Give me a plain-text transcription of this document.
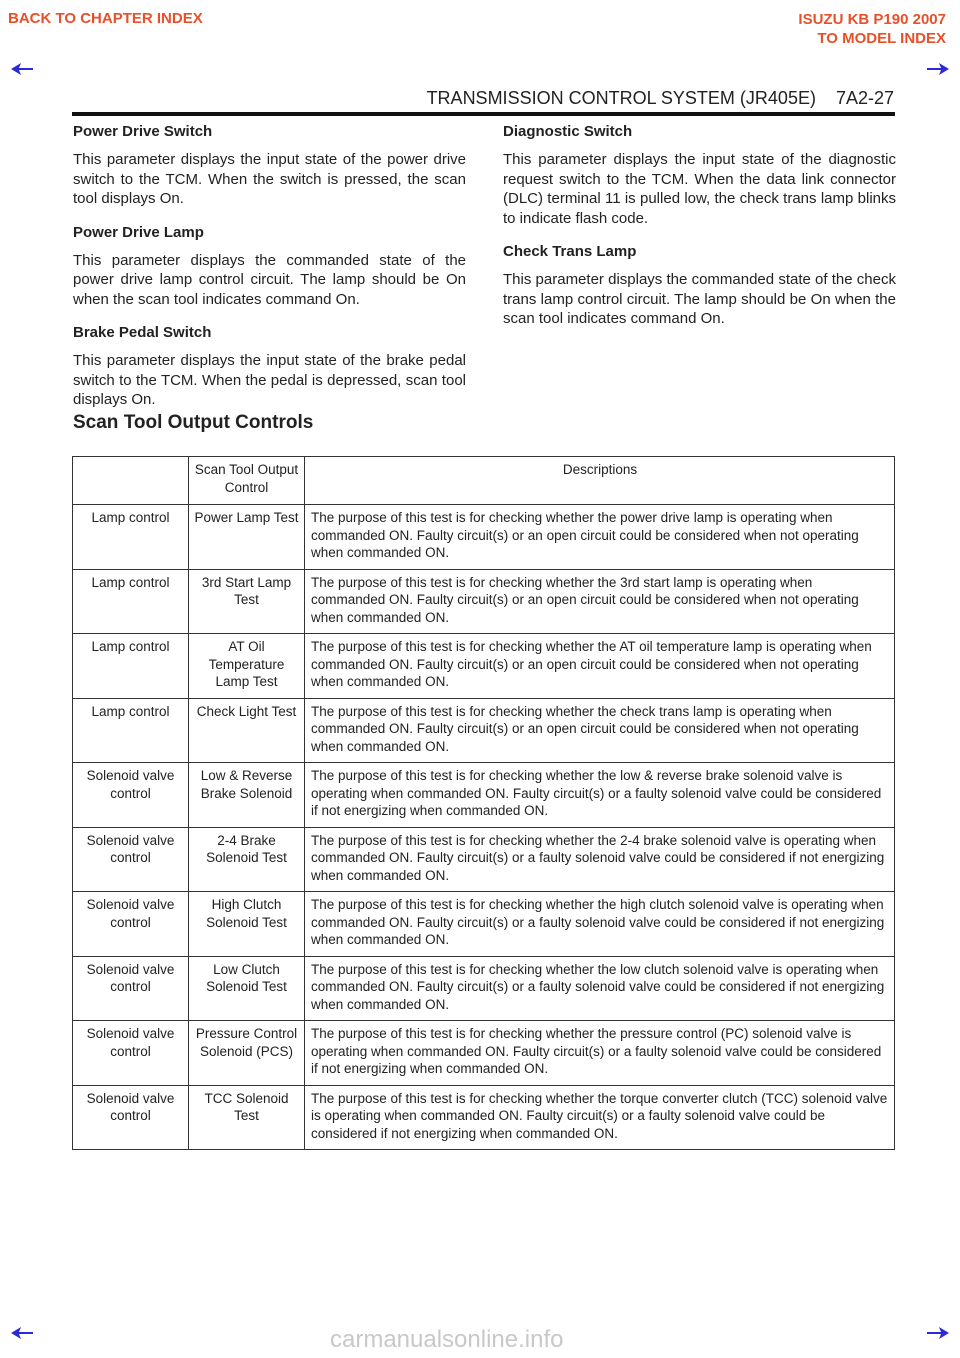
BACK TO CHAPTER INDEX	ISUZU KB P190 2007
TO MODEL INDEX
TRANSMISSION CONTROL SYSTEM (JR405E)    7A2-27
Power Drive Switch

This parameter displays the input state of the power drive switch to the TCM. When the switch is pressed, the scan tool displays On.

Power Drive Lamp

This parameter displays the commanded state of the power drive lamp control circuit. The lamp should be On when the scan tool indicates command On.

Brake Pedal Switch

This parameter displays the input state of the brake pedal switch to the TCM. When the pedal is depressed, scan tool displays On.

Diagnostic Switch

This parameter displays the input state of the diagnostic request switch to the TCM. When the data link connector (DLC) terminal 11 is pulled low, the check trans lamp blinks to indicate flash code.

Check Trans Lamp

This parameter displays the commanded state of the check trans lamp control circuit. The lamp should be On when the scan tool indicates command On.

Scan Tool Output Controls
	Scan Tool Output Control	Descriptions
Lamp control	Power Lamp Test	The purpose of this test is for checking whether the power drive lamp is operating when commanded ON. Faulty circuit(s) or an open circuit could be considered when not operating when commanded ON.
Lamp control	3rd Start Lamp Test	The purpose of this test is for checking whether the 3rd start lamp is operating when commanded ON. Faulty circuit(s) or an open circuit could be considered when not operating when commanded ON.
Lamp control	AT Oil Temperature Lamp Test	The purpose of this test is for checking whether the AT oil temperature lamp is operating when commanded ON. Faulty circuit(s) or an open circuit could be considered when not operating when commanded ON.
Lamp control	Check Light Test	The purpose of this test is for checking whether the check trans lamp is operating when commanded ON. Faulty circuit(s) or an open circuit could be considered when not operating when commanded ON.
Solenoid valve control	Low & Reverse Brake Solenoid	The purpose of this test is for checking whether the low & reverse brake solenoid valve is operating when commanded ON. Faulty circuit(s) or a faulty solenoid valve could be considered if not energizing when commanded ON.
Solenoid valve control	2-4 Brake Solenoid Test	The purpose of this test is for checking whether the 2-4 brake solenoid valve is operating when commanded ON. Faulty circuit(s) or a faulty solenoid valve could be considered if not energizing when commanded ON.
Solenoid valve control	High Clutch Solenoid Test	The purpose of this test is for checking whether the high clutch solenoid valve is operating when commanded ON. Faulty circuit(s) or a faulty solenoid valve could be considered if not energizing when commanded ON.
Solenoid valve control	Low Clutch Solenoid Test	The purpose of this test is for checking whether the low clutch solenoid valve is operating when commanded ON. Faulty circuit(s) or a faulty solenoid valve could be considered if not energizing when commanded ON.
Solenoid valve control	Pressure Control Solenoid (PCS)	The purpose of this test is for checking whether the pressure control (PC) solenoid valve is operating when commanded ON. Faulty circuit(s) or a faulty solenoid valve could be considered if not energizing when commanded ON.
Solenoid valve control	TCC Solenoid Test	The purpose of this test is for checking whether the torque converter clutch (TCC) solenoid valve is operating when commanded ON. Faulty circuit(s) or a faulty solenoid valve could be considered if not energizing when commanded ON.
carmanualsonline.info
